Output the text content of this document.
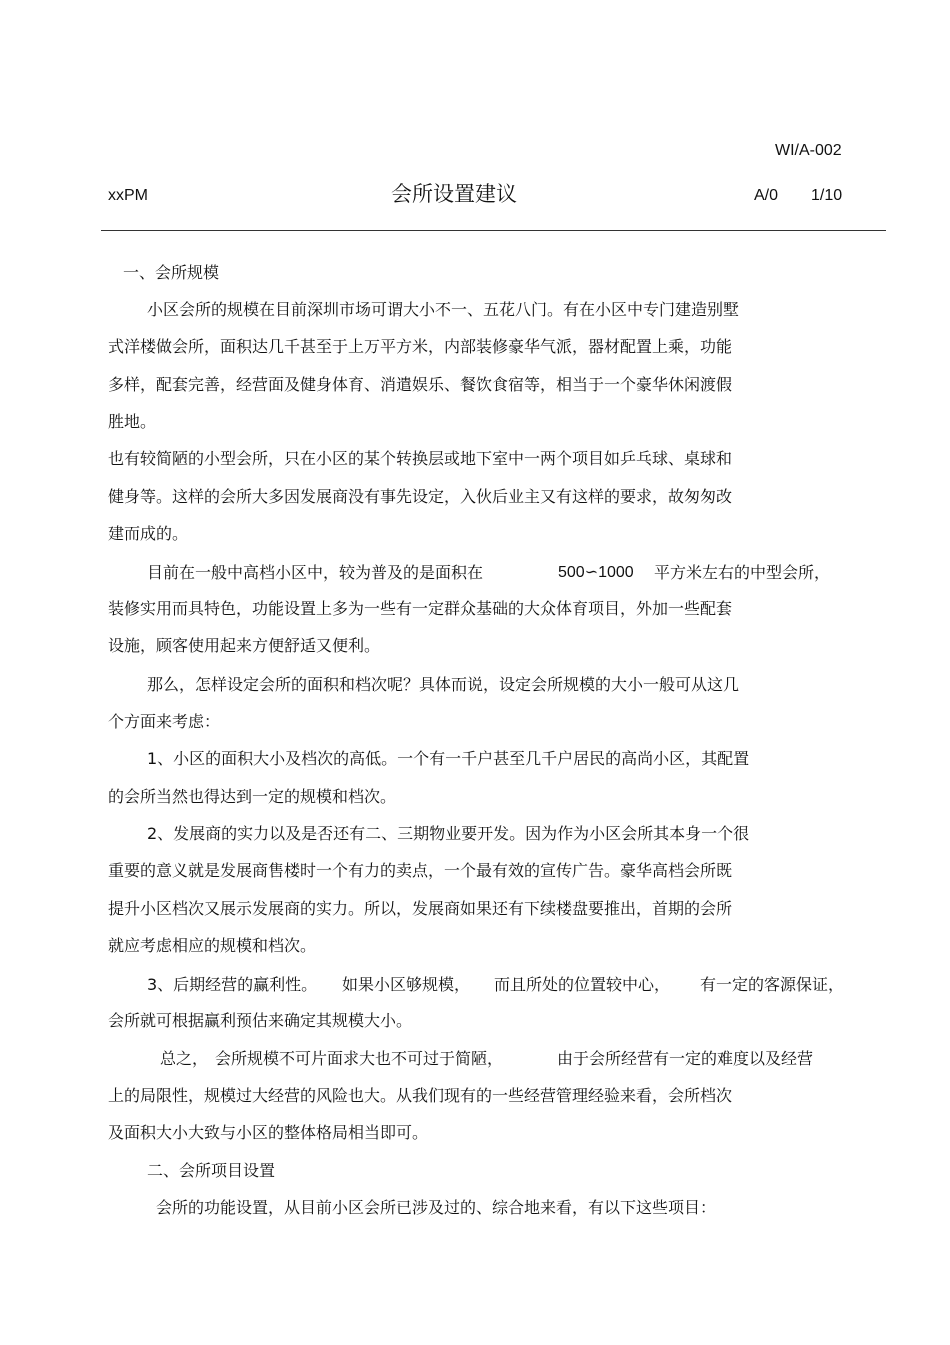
WI/A-002
xxPM	会所设置建议	A/0 1/10
一、会所规模
小区会所的规模在目前深圳市场可谓大小不一、五花八门。有在小区中专门建造别墅
式洋楼做会所，面积达几千甚至于上万平方米，内部装修豪华气派，器材配置上乘，功能
多样，配套完善，经营面及健身体育、消遣娱乐、餐饮食宿等，相当于一个豪华休闲渡假
胜地。
也有较简陋的小型会所，只在小区的某个转换层或地下室中一两个项目如乒乓球、桌球和
健身等。这样的会所大多因发展商没有事先设定，入伙后业主又有这样的要求，故匆匆改
建而成的。
目前在一般中高档小区中，较为普及的是面积在	500∽1000 平方米左右的中型会所，
装修实用而具特色，功能设置上多为一些有一定群众基础的大众体育项目，外加一些配套
设施，顾客使用起来方便舒适又便利。
那么，怎样设定会所的面积和档次呢？具体而说，设定会所规模的大小一般可从这几
个方面来考虑：
1、小区的面积大小及档次的高低。一个有一千户甚至几千户居民的高尚小区，其配置
的会所当然也得达到一定的规模和档次。
2、发展商的实力以及是否还有二、三期物业要开发。因为作为小区会所其本身一个很
重要的意义就是发展商售楼时一个有力的卖点，一个最有效的宣传广告。豪华高档会所既
提升小区档次又展示发展商的实力。所以，发展商如果还有下续楼盘要推出，首期的会所
就应考虑相应的规模和档次。
3、后期经营的赢利性。 如果小区够规模， 而且所处的位置较中心， 有一定的客源保证，
会所就可根据赢利预估来确定其规模大小。
总之， 会所规模不可片面求大也不可过于简陋，	由于会所经营有一定的难度以及经营
上的局限性，规模过大经营的风险也大。从我们现有的一些经营管理经验来看，会所档次
及面积大小大致与小区的整体格局相当即可。
二、会所项目设置
会所的功能设置，从目前小区会所已涉及过的、综合地来看，有以下这些项目：
